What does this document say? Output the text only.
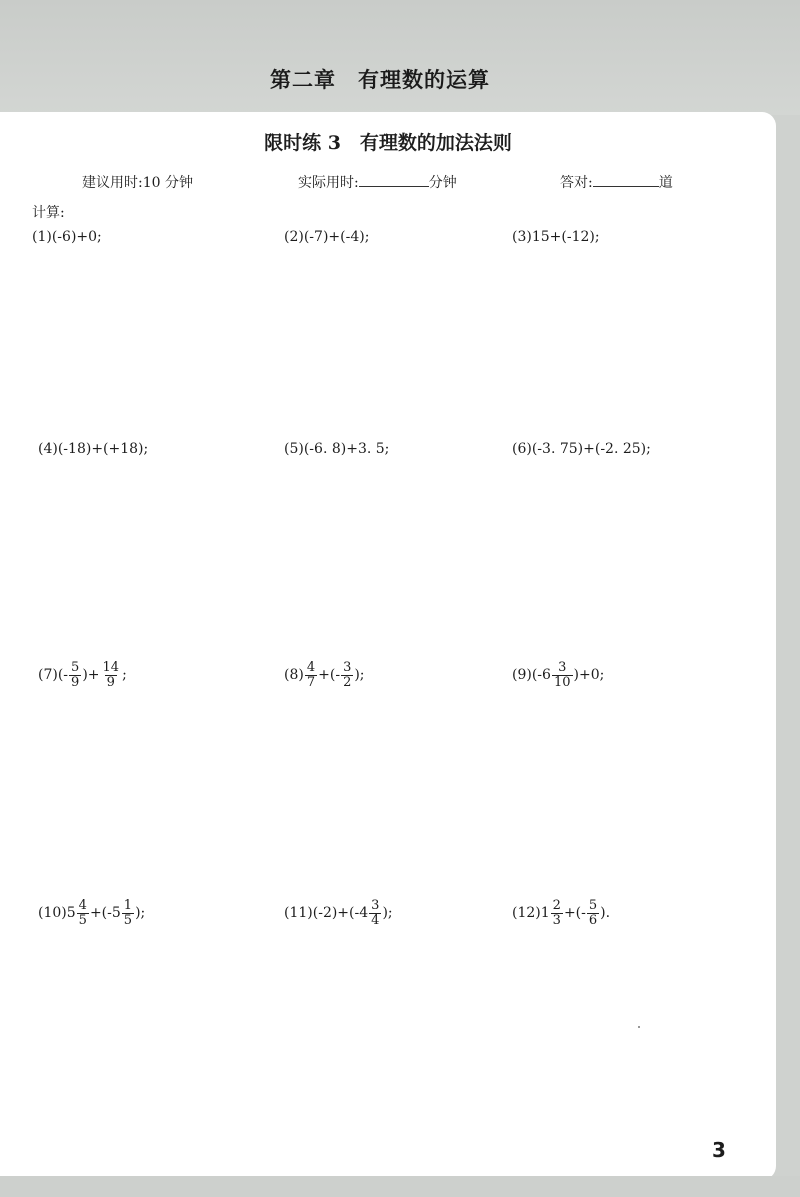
第二章　有理数的运算
限时练 3　有理数的加法法则
建议用时:10 分钟	实际用时:	分钟	答对:	道
计算:
(1) (-6)+0;	(2) (-7)+(-4);	(3) 15+(-12);
(4) (-18)+(+18);	(5) (-6. 8)+3. 5;	(6) (-3. 75)+(-2. 25);
(7) (- $\frac{5}{9}$ )+ $\frac{14}{9}$ ;	$(8) \frac{4}{7}$ +(- $\frac{3}{2}$ );	(9) $(-6 \frac{3}{10} )+0$;
(10) $5 \frac{4}{5} +(-5 \frac{1}{5}$ );	(11) $(-2)+(-4 \frac{3}{4}$ );	(12) $1 \frac{2}{3}$ +(- $\frac{5}{6}$ ).
3
